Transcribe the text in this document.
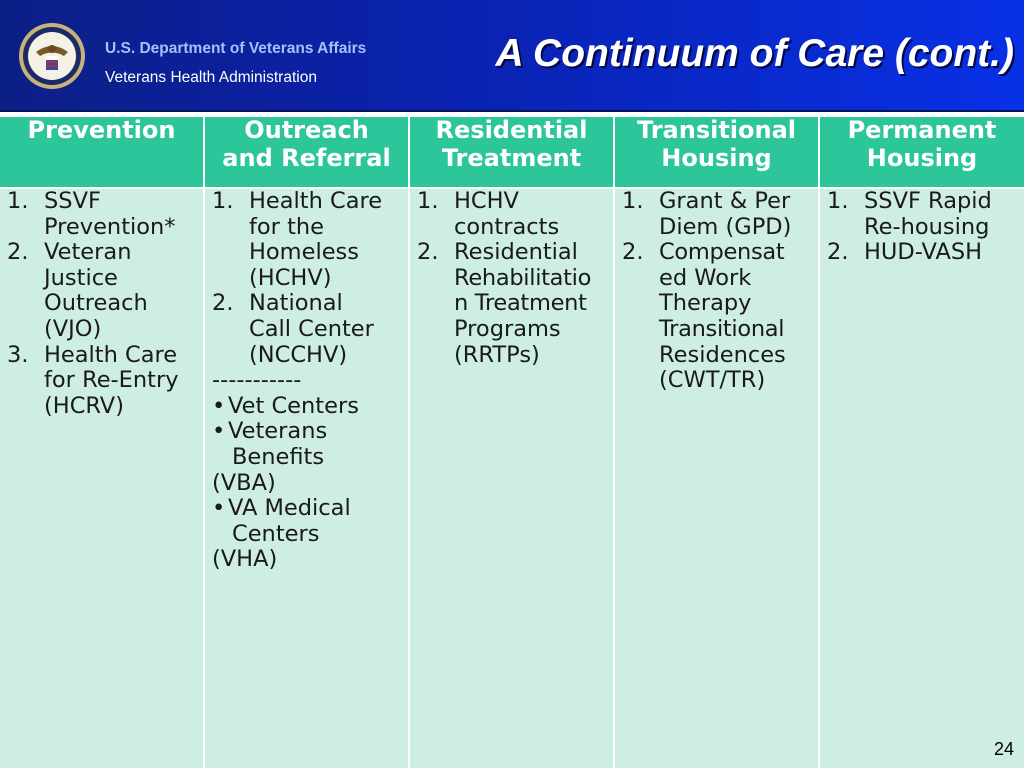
U.S. Department of Veterans Affairs
Veterans Health Administration
A Continuum of Care (cont.)
Prevention	Outreach
and Referral
Residential
Treatment
Transitional
Housing
Permanent
Housing
1. SSVF
Prevention*
2. Veteran
Justice
Outreach
(VJO)
3. Health Care
for Re-Entry
(HCRV)
1. Health Care
for the
Homeless
(HCHV)
2. National
Call Center
(NCCHV)
-----------
• Vet Centers
• Veterans
Benefits
(VBA)
• VA Medical
Centers
(VHA)
1. HCHV
contracts
2. Residential
Rehabilitatio
n Treatment
Programs
(RRTPs)
1. Grant & Per
Diem (GPD)
2. Compensat
ed Work
Therapy
Transitional
Residences
(CWT/TR)
1. SSVF Rapid
Re-housing
2. HUD-VASH
24
